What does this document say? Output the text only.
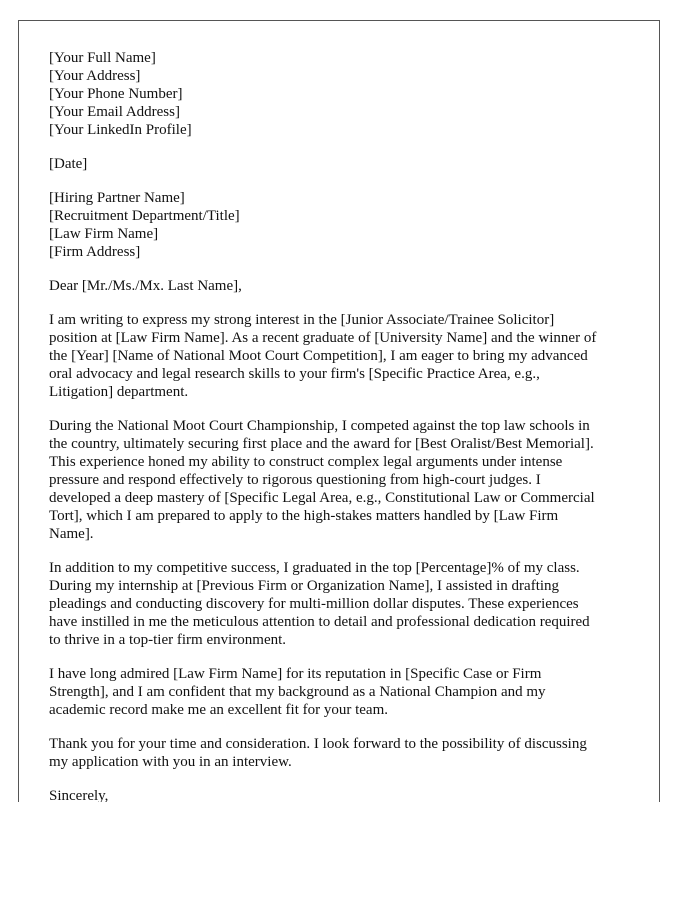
[Your Full Name]
[Your Address]
[Your Phone Number]
[Your Email Address]
[Your LinkedIn Profile]
[Date]
[Hiring Partner Name]
[Recruitment Department/Title]
[Law Firm Name]
[Firm Address]
Dear [Mr./Ms./Mx. Last Name],
I am writing to express my strong interest in the [Junior Associate/Trainee Solicitor]
position at [Law Firm Name]. As a recent graduate of [University Name] and the winner of
the [Year] [Name of National Moot Court Competition], I am eager to bring my advanced
oral advocacy and legal research skills to your firm's [Specific Practice Area, e.g.,
Litigation] department.
During the National Moot Court Championship, I competed against the top law schools in
the country, ultimately securing first place and the award for [Best Oralist/Best Memorial].
This experience honed my ability to construct complex legal arguments under intense
pressure and respond effectively to rigorous questioning from high-court judges. I
developed a deep mastery of [Specific Legal Area, e.g., Constitutional Law or Commercial
Tort], which I am prepared to apply to the high-stakes matters handled by [Law Firm
Name].
In addition to my competitive success, I graduated in the top [Percentage]% of my class.
During my internship at [Previous Firm or Organization Name], I assisted in drafting
pleadings and conducting discovery for multi-million dollar disputes. These experiences
have instilled in me the meticulous attention to detail and professional dedication required
to thrive in a top-tier firm environment.
I have long admired [Law Firm Name] for its reputation in [Specific Case or Firm
Strength], and I am confident that my background as a National Champion and my
academic record make me an excellent fit for your team.
Thank you for your time and consideration. I look forward to the possibility of discussing
my application with you in an interview.
Sincerely,
